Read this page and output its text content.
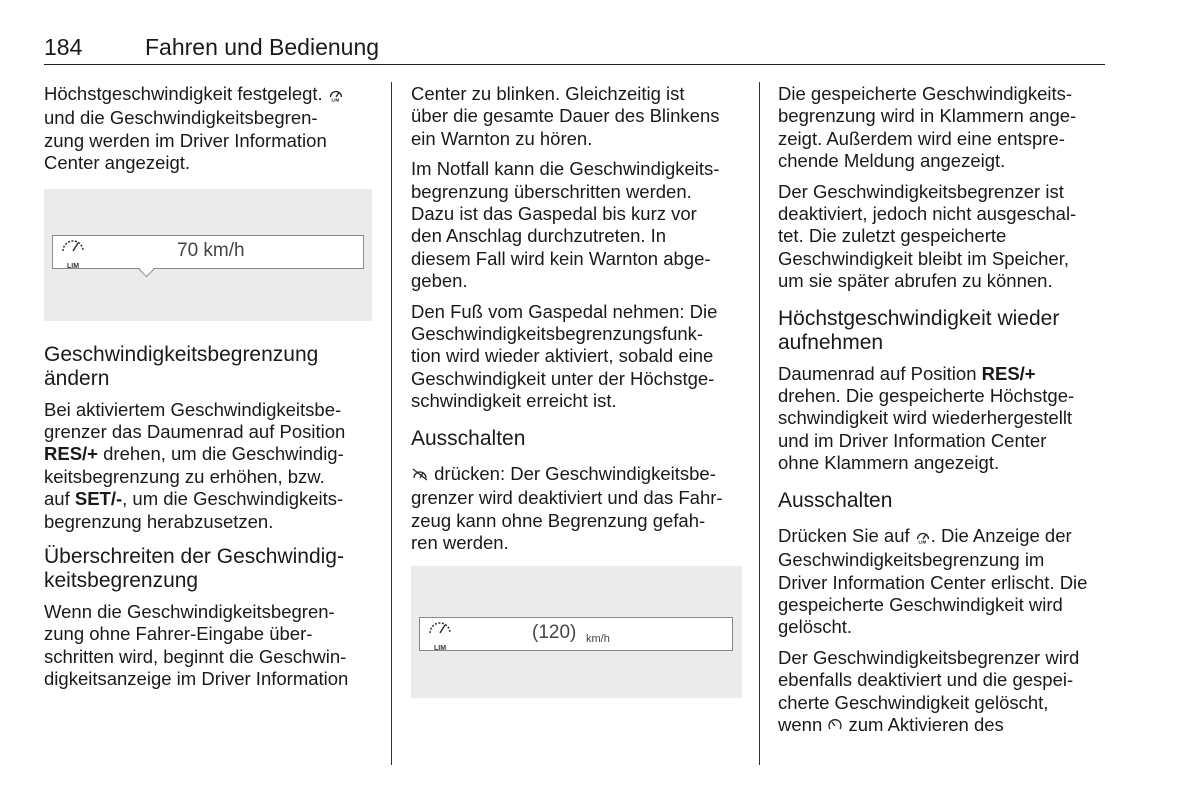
184	Fahren und Bedienung

Höchstgeschwindigkeit festgelegt. LIM

und die Geschwindigkeitsbegren-
zung werden im Driver Information
Center angezeigt.

LIM
70 km/h
Geschwindigkeitsbegrenzung
ändern

Bei aktiviertem Geschwindigkeitsbe-
grenzer das Daumenrad auf Position
RES/+ drehen, um die Geschwindig-
keitsbegrenzung zu erhöhen, bzw.
auf SET/-, um die Geschwindigkeits-
begrenzung herabzusetzen.

Überschreiten der Geschwindig-
keitsbegrenzung

Wenn die Geschwindigkeitsbegren-
zung ohne Fahrer-Eingabe über-
schritten wird, beginnt die Geschwin-
digkeitsanzeige im Driver Information

Center zu blinken. Gleichzeitig ist
über die gesamte Dauer des Blinkens
ein Warnton zu hören.

Im Notfall kann die Geschwindigkeits-
begrenzung überschritten werden.
Dazu ist das Gaspedal bis kurz vor
den Anschlag durchzutreten. In
diesem Fall wird kein Warnton abge-
geben.

Den Fuß vom Gaspedal nehmen: Die
Geschwindigkeitsbegrenzungsfunk-
tion wird wieder aktiviert, sobald eine
Geschwindigkeit unter der Höchstge-
schwindigkeit erreicht ist.

Ausschalten

drücken: Der Geschwindigkeitsbe-
grenzer wird deaktiviert und das Fahr-
zeug kann ohne Begrenzung gefah-
ren werden.

LIM
(120) km/h

Die gespeicherte Geschwindigkeits-
begrenzung wird in Klammern ange-
zeigt. Außerdem wird eine entspre-
chende Meldung angezeigt.

Der Geschwindigkeitsbegrenzer ist
deaktiviert, jedoch nicht ausgeschal-
tet. Die zuletzt gespeicherte
Geschwindigkeit bleibt im Speicher,
um sie später abrufen zu können.

Höchstgeschwindigkeit wieder
aufnehmen

Daumenrad auf Position RES/+
drehen. Die gespeicherte Höchstge-
schwindigkeit wird wiederhergestellt
und im Driver Information Center
ohne Klammern angezeigt.

Ausschalten

Drücken Sie auf LIM . Die Anzeige der
Geschwindigkeitsbegrenzung im
Driver Information Center erlischt. Die
gespeicherte Geschwindigkeit wird
gelöscht.

Der Geschwindigkeitsbegrenzer wird
ebenfalls deaktiviert und die gespei-
cherte Geschwindigkeit gelöscht,
wenn  zum Aktivieren des
